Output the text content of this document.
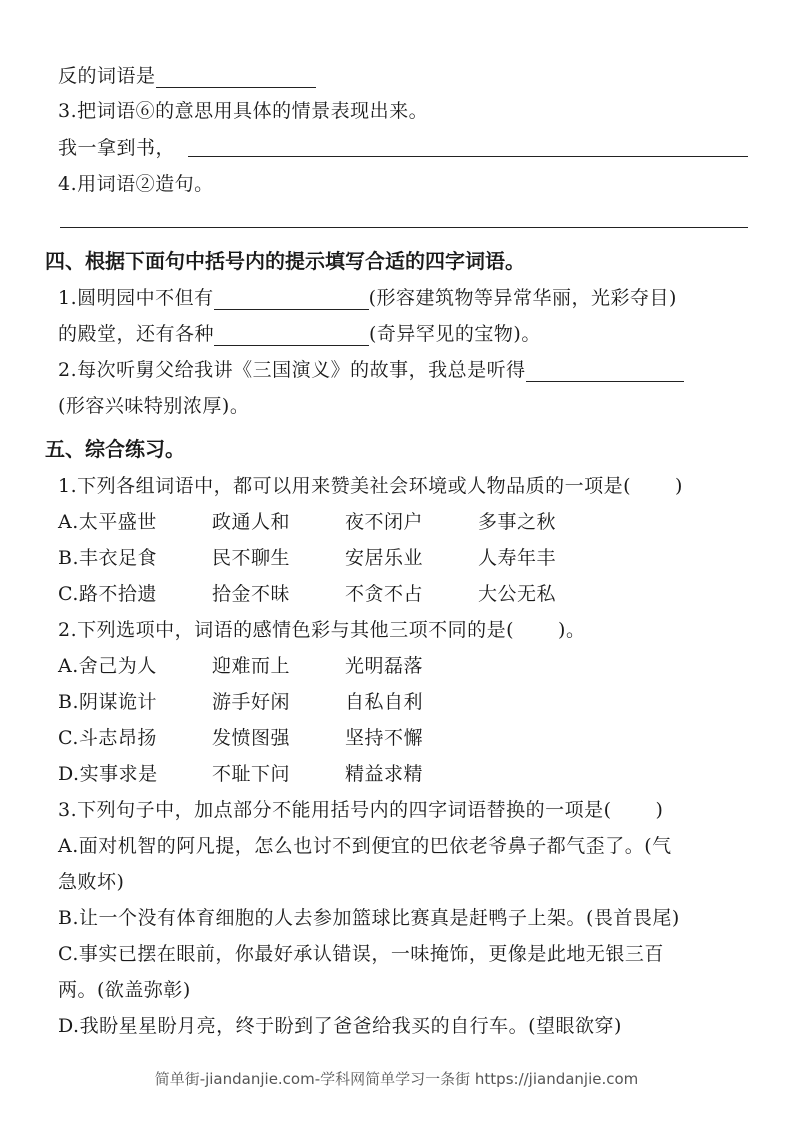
反的词语是
3.把词语⑥的意思用具体的情景表现出来。
我一拿到书，
4.用词语②造句。
四、根据下面句中括号内的提示填写合适的四字词语。
1.圆明园中不但有	(形容建筑物等异常华丽，光彩夺目)
的殿堂，还有各种	(奇异罕见的宝物)。
2.每次听舅父给我讲《三国演义》的故事，我总是听得
(形容兴味特别浓厚)。
五、综合练习。
1.下列各组词语中，都可以用来赞美社会环境或人物品质的一项是( )
A.太平盛世	政通人和	夜不闭户	多事之秋
B.丰衣足食	民不聊生	安居乐业	人寿年丰
C.路不拾遗	拾金不昧	不贪不占	大公无私
2.下列选项中，词语的感情色彩与其他三项不同的是( )。
A.舍己为人	迎难而上	光明磊落
B.阴谋诡计	游手好闲	自私自利
C.斗志昂扬	发愤图强	坚持不懈
D.实事求是	不耻下问	精益求精
3.下列句子中，加点部分不能用括号内的四字词语替换的一项是( )
A.面对机智的阿凡提，怎么也讨不到便宜的巴依老爷鼻子都气歪了。(气
急败坏)
B.让一个没有体育细胞的人去参加篮球比赛真是赶鸭子上架。(畏首畏尾)
C.事实已摆在眼前，你最好承认错误，一味掩饰，更像是此地无银三百
两。(欲盖弥彰)
D.我盼星星盼月亮，终于盼到了爸爸给我买的自行车。(望眼欲穿)
简单街-jiandanjie.com-学科网简单学习一条街 https://jiandanjie.com
